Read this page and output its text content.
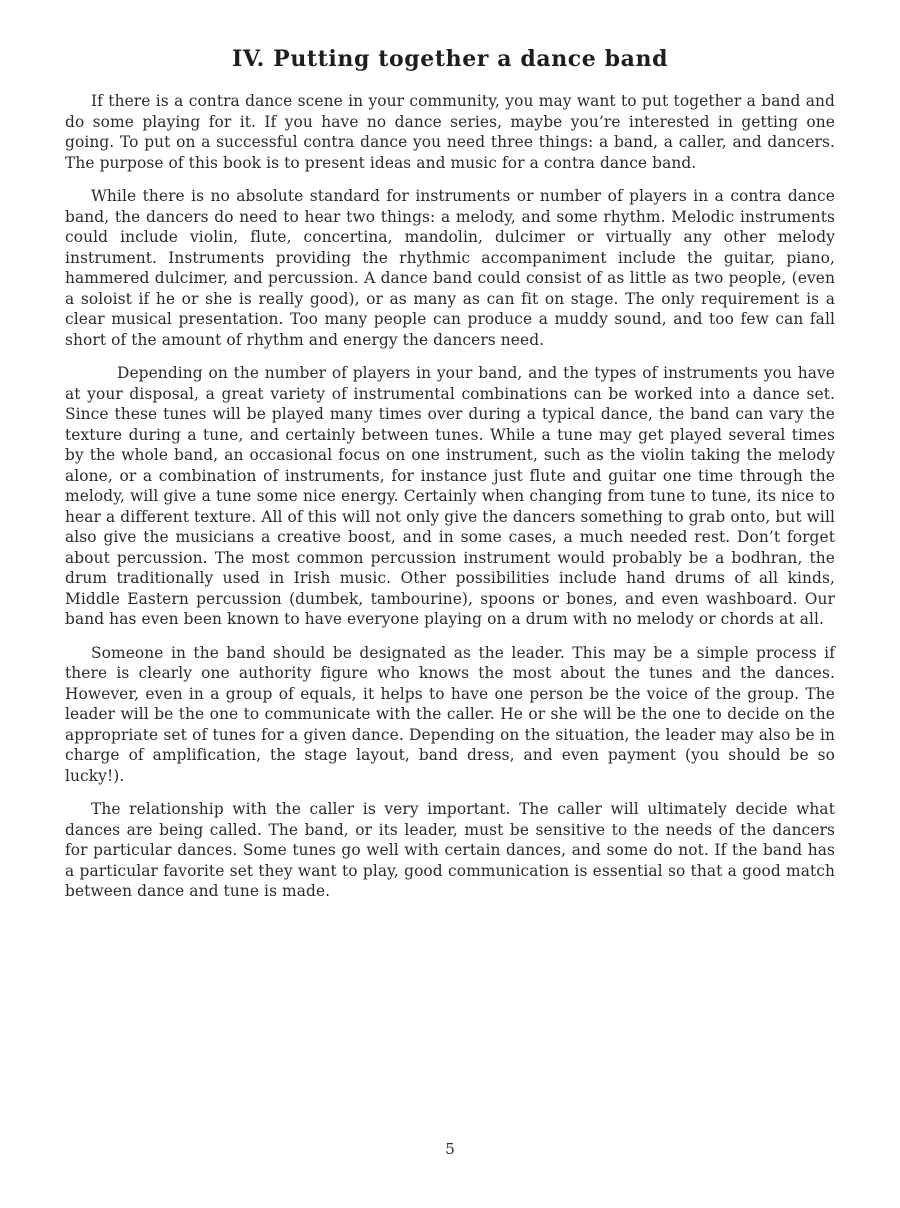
IV. Putting together a dance band

If there is a contra dance scene in your community, you may want to put together a band and do some playing for it. If you have no dance series, maybe you’re interested in getting one going. To put on a successful contra dance you need three things: a band, a caller, and dancers. The purpose of this book is to present ideas and music for a contra dance band.

While there is no absolute standard for instruments or number of players in a contra dance band, the dancers do need to hear two things: a melody, and some rhythm. Melodic instruments could include violin, flute, concertina, mandolin, dulcimer or virtually any other melody instrument. Instruments providing the rhythmic accompaniment include the guitar, piano, hammered dulcimer, and percussion. A dance band could consist of as little as two people, (even a soloist if he or she is really good), or as many as can fit on stage. The only requirement is a clear musical presentation. Too many people can produce a muddy sound, and too few can fall short of the amount of rhythm and energy the dancers need.

Depending on the number of players in your band, and the types of instruments you have at your disposal, a great variety of instrumental combinations can be worked into a dance set. Since these tunes will be played many times over during a typical dance, the band can vary the texture during a tune, and certainly between tunes. While a tune may get played several times by the whole band, an occasional focus on one instrument, such as the violin taking the melody alone, or a combination of instruments, for instance just flute and guitar one time through the melody, will give a tune some nice energy. Certainly when changing from tune to tune, its nice to hear a different texture. All of this will not only give the dancers something to grab onto, but will also give the musicians a creative boost, and in some cases, a much needed rest. Don’t forget about percussion. The most common percussion instrument would probably be a bodhran, the drum traditionally used in Irish music. Other possibilities include hand drums of all kinds, Middle Eastern percussion (dumbek, tambourine), spoons or bones, and even washboard. Our band has even been known to have everyone playing on a drum with no melody or chords at all.

Someone in the band should be designated as the leader. This may be a simple process if there is clearly one authority figure who knows the most about the tunes and the dances. However, even in a group of equals, it helps to have one person be the voice of the group. The leader will be the one to communicate with the caller. He or she will be the one to decide on the appropriate set of tunes for a given dance. Depending on the situation, the leader may also be in charge of amplification, the stage layout, band dress, and even payment (you should be so lucky!).

The relationship with the caller is very important. The caller will ultimately decide what dances are being called. The band, or its leader, must be sensitive to the needs of the dancers for particular dances. Some tunes go well with certain dances, and some do not. If the band has a particular favorite set they want to play, good communication is essential so that a good match between dance and tune is made.

5
